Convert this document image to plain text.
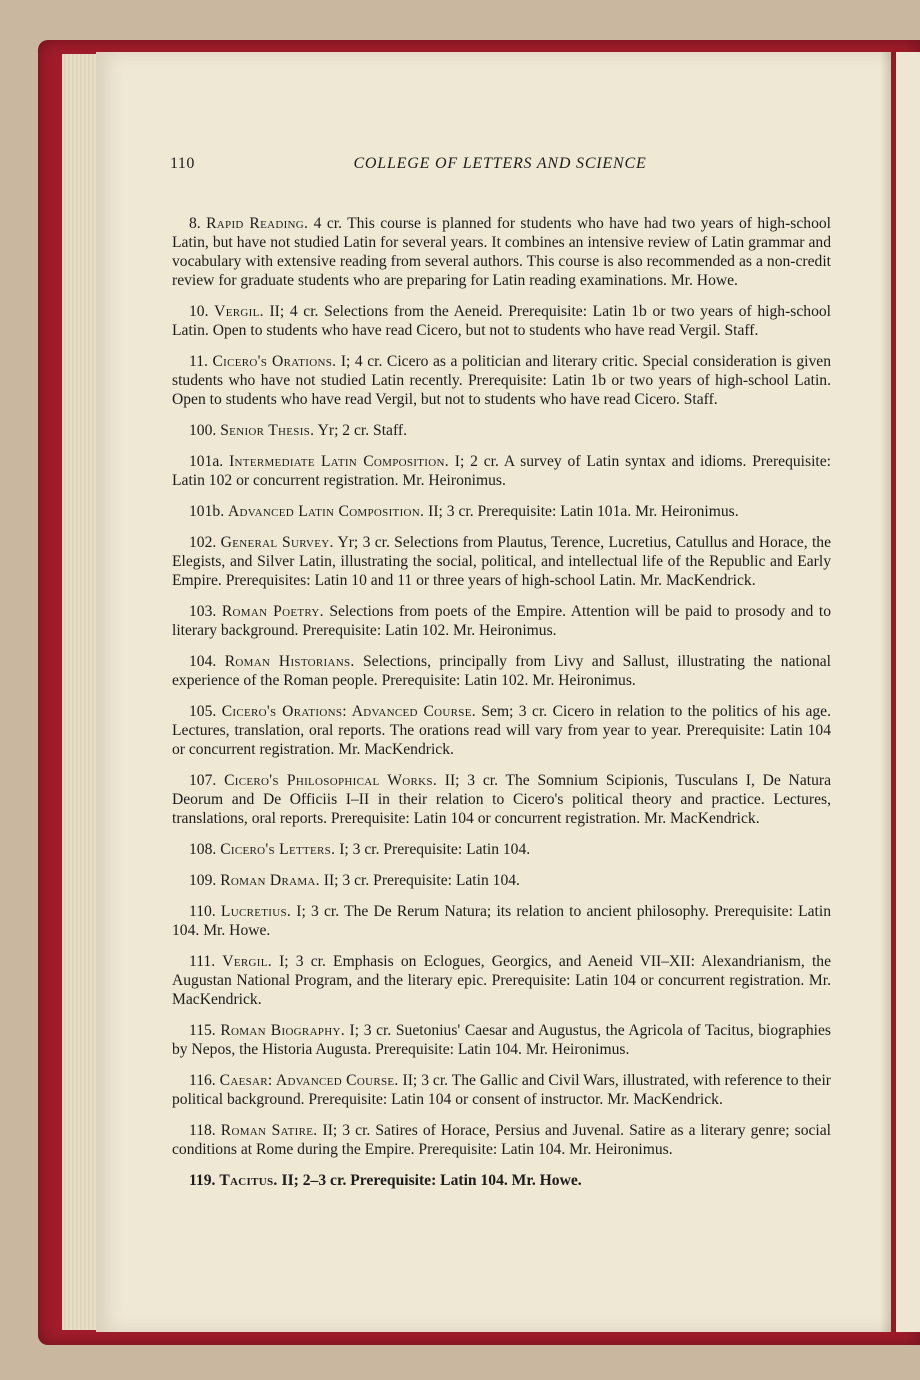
110	COLLEGE OF LETTERS AND SCIENCE

8. Rapid Reading. 4 cr. This course is planned for students who have had two years of high-school Latin, but have not studied Latin for several years. It combines an intensive review of Latin grammar and vocabulary with extensive reading from several authors. This course is also recommended as a non-credit review for graduate students who are preparing for Latin reading examinations. Mr. Howe.

10. Vergil. II; 4 cr. Selections from the Aeneid. Prerequisite: Latin 1b or two years of high-school Latin. Open to students who have read Cicero, but not to students who have read Vergil. Staff.

11. Cicero's Orations. I; 4 cr. Cicero as a politician and literary critic. Special consideration is given students who have not studied Latin recently. Prerequisite: Latin 1b or two years of high-school Latin. Open to students who have read Vergil, but not to students who have read Cicero. Staff.

100. Senior Thesis. Yr; 2 cr. Staff.

101a. Intermediate Latin Composition. I; 2 cr. A survey of Latin syntax and idioms. Prerequisite: Latin 102 or concurrent registration. Mr. Heironimus.

101b. Advanced Latin Composition. II; 3 cr. Prerequisite: Latin 101a. Mr. Heironimus.

102. General Survey. Yr; 3 cr. Selections from Plautus, Terence, Lucretius, Catullus and Horace, the Elegists, and Silver Latin, illustrating the social, political, and intellectual life of the Republic and Early Empire. Prerequisites: Latin 10 and 11 or three years of high-school Latin. Mr. MacKendrick.

103. Roman Poetry. Selections from poets of the Empire. Attention will be paid to prosody and to literary background. Prerequisite: Latin 102. Mr. Heironimus.

104. Roman Historians. Selections, principally from Livy and Sallust, illustrating the national experience of the Roman people. Prerequisite: Latin 102. Mr. Heironimus.

105. Cicero's Orations: Advanced Course. Sem; 3 cr. Cicero in relation to the politics of his age. Lectures, translation, oral reports. The orations read will vary from year to year. Prerequisite: Latin 104 or concurrent registration. Mr. MacKendrick.

107. Cicero's Philosophical Works. II; 3 cr. The Somnium Scipionis, Tusculans I, De Natura Deorum and De Officiis I–II in their relation to Cicero's political theory and practice. Lectures, translations, oral reports. Prerequisite: Latin 104 or concurrent registration. Mr. MacKendrick.

108. Cicero's Letters. I; 3 cr. Prerequisite: Latin 104.

109. Roman Drama. II; 3 cr. Prerequisite: Latin 104.

110. Lucretius. I; 3 cr. The De Rerum Natura; its relation to ancient philosophy. Prerequisite: Latin 104. Mr. Howe.

111. Vergil. I; 3 cr. Emphasis on Eclogues, Georgics, and Aeneid VII–XII: Alexandrianism, the Augustan National Program, and the literary epic. Prerequisite: Latin 104 or concurrent registration. Mr. MacKendrick.

115. Roman Biography. I; 3 cr. Suetonius' Caesar and Augustus, the Agricola of Tacitus, biographies by Nepos, the Historia Augusta. Prerequisite: Latin 104. Mr. Heironimus.

116. Caesar: Advanced Course. II; 3 cr. The Gallic and Civil Wars, illustrated, with reference to their political background. Prerequisite: Latin 104 or consent of instructor. Mr. MacKendrick.

118. Roman Satire. II; 3 cr. Satires of Horace, Persius and Juvenal. Satire as a literary genre; social conditions at Rome during the Empire. Prerequisite: Latin 104. Mr. Heironimus.

119. Tacitus. II; 2–3 cr. Prerequisite: Latin 104. Mr. Howe.
